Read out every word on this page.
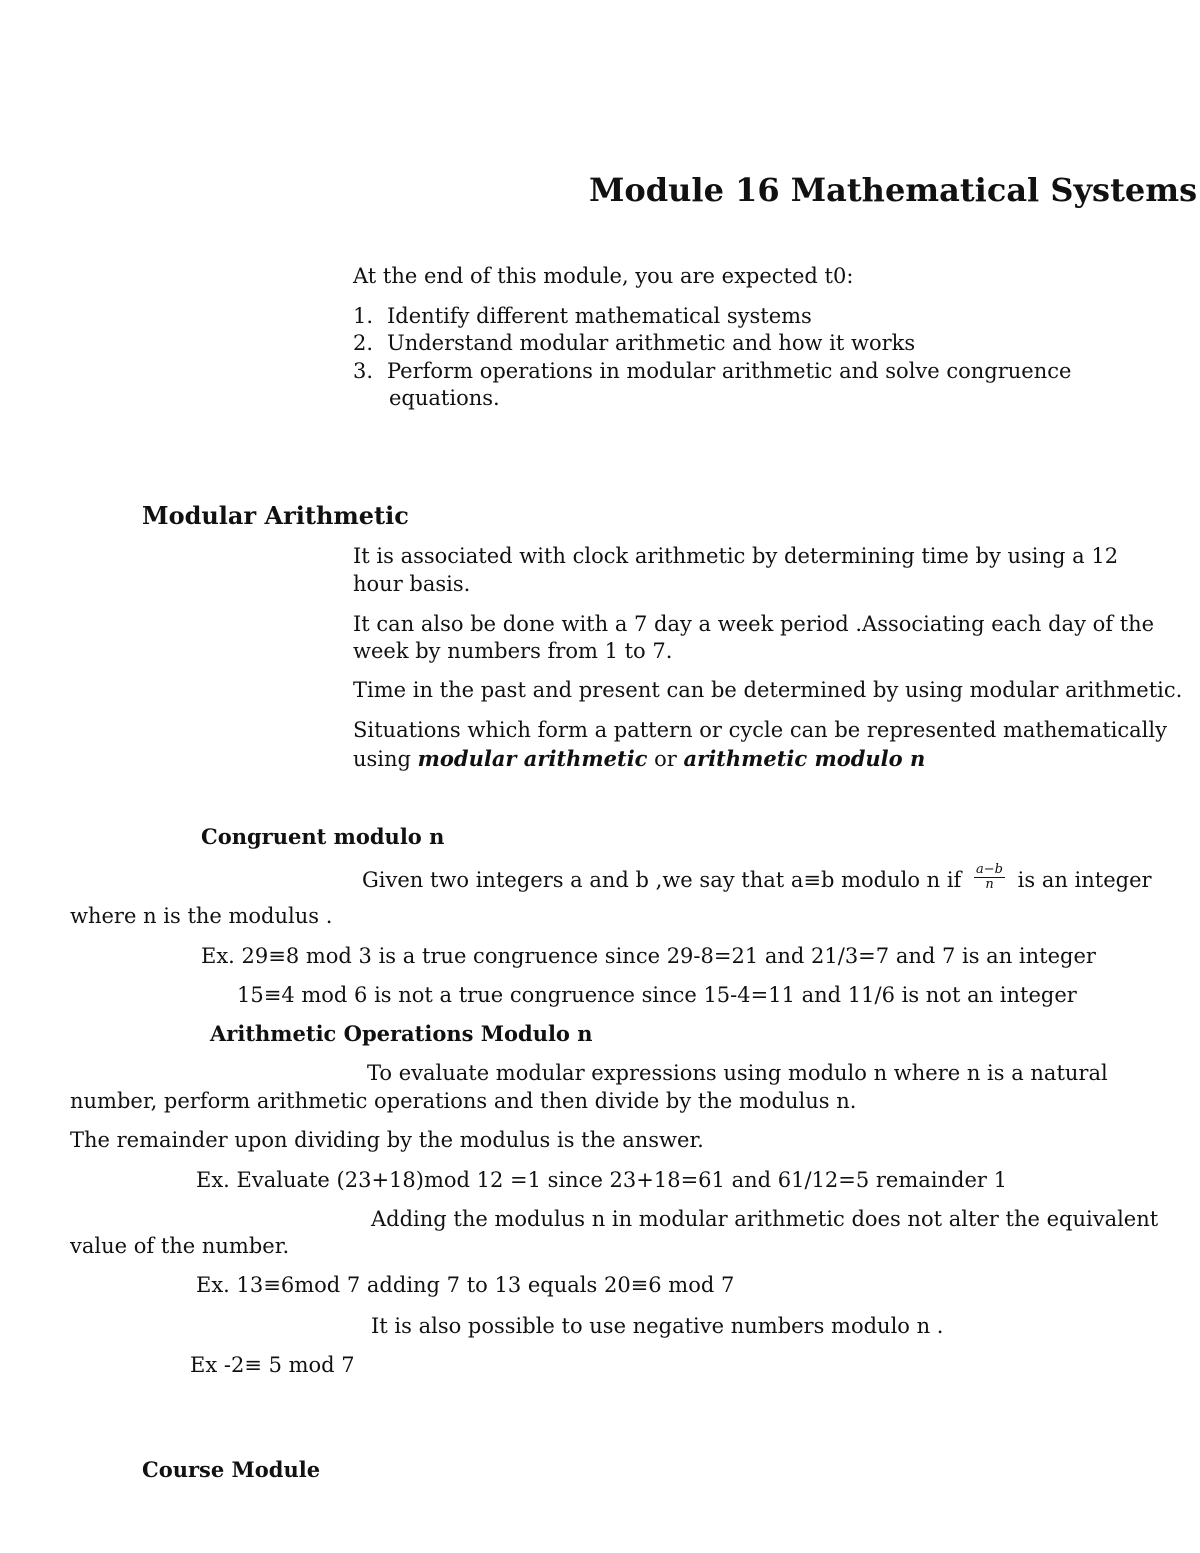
Module 16 Mathematical Systems
At the end of this module, you are expected t0:
1. Identify different mathematical systems
2. Understand modular arithmetic and how it works
3. Perform operations in modular arithmetic and solve congruence
equations.
Modular Arithmetic
It is associated with clock arithmetic by determining time by using a 12
hour basis.
It can also be done with a 7 day a week period .Associating each day of the
week by numbers from 1 to 7.
Time in the past and present can be determined by using modular arithmetic.
Situations which form a pattern or cycle can be represented mathematically
using modular arithmetic or arithmetic modulo n
Congruent modulo n
Given two integers a and b ,we say that a≡b modulo n if $\frac{a-b}{n}$ is an integer
where n is the modulus .
Ex. 29≡8 mod 3 is a true congruence since 29-8=21 and 21/3=7 and 7 is an integer
15≡4 mod 6 is not a true congruence since 15-4=11 and 11/6 is not an integer
Arithmetic Operations Modulo n
To evaluate modular expressions using modulo n where n is a natural
number, perform arithmetic operations and then divide by the modulus n.
The remainder upon dividing by the modulus is the answer.
Ex. Evaluate (23+18)mod 12 =1 since 23+18=61 and 61/12=5 remainder 1
Adding the modulus n in modular arithmetic does not alter the equivalent
value of the number.
Ex. 13≡6mod 7 adding 7 to 13 equals 20≡6 mod 7
It is also possible to use negative numbers modulo n .
Ex -2≡ 5 mod 7
Course Module
